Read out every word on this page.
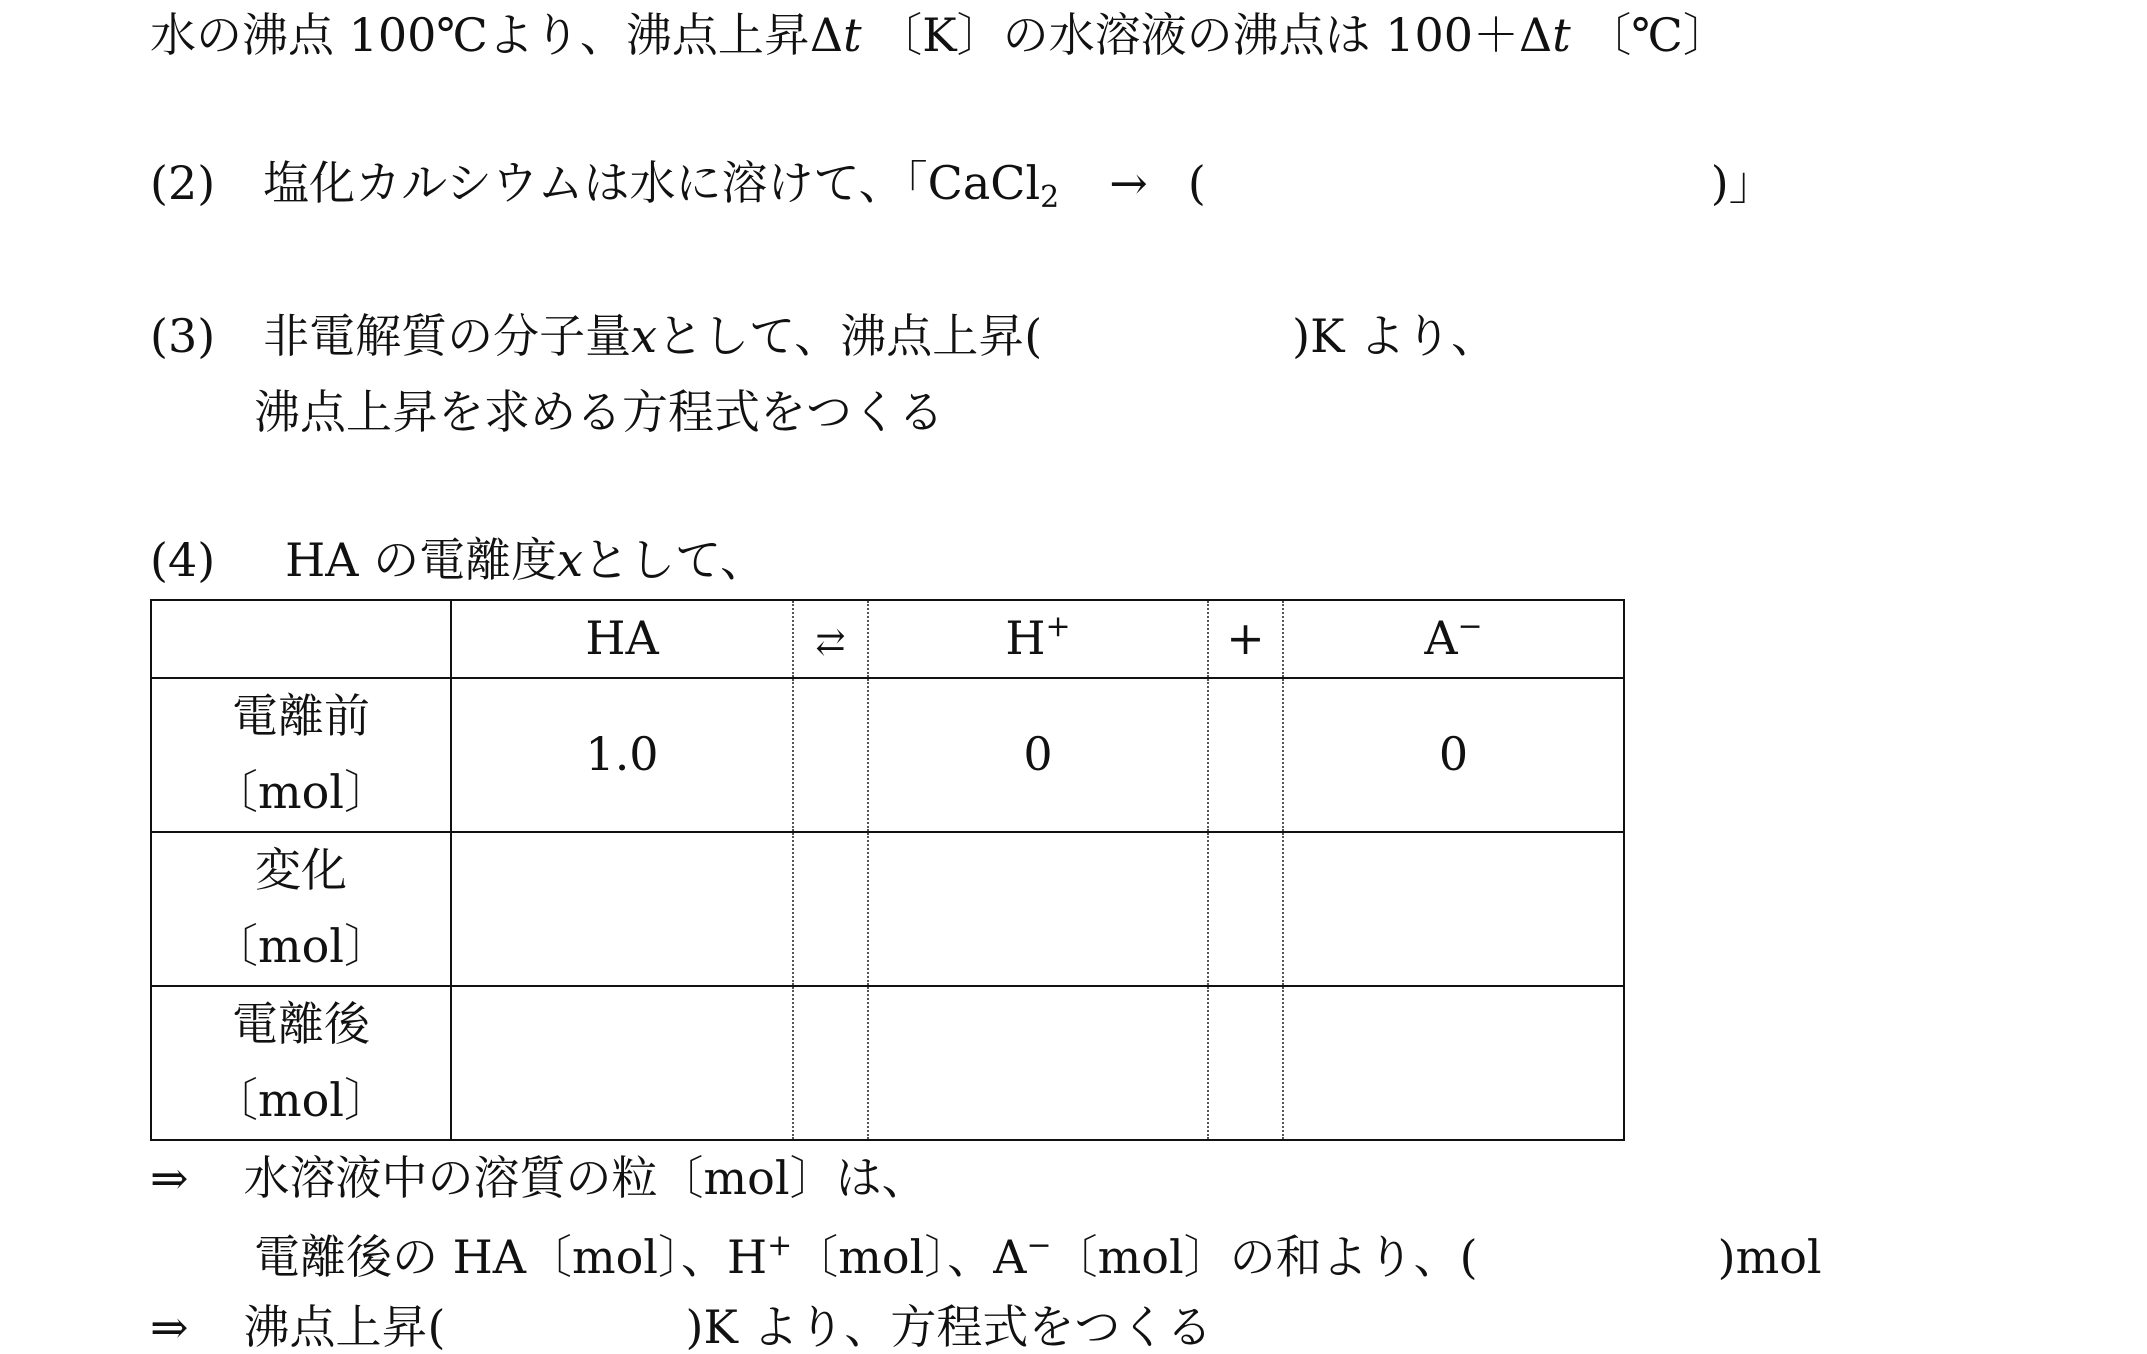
水の沸点 100℃より、沸点上昇Δt 〔K〕の水溶液の沸点は 100＋Δt 〔℃〕
(2) 塩化カルシウムは水に溶けて、「CaCl$_2$ → (	)」
(3) 非電解質の分子量xとして、沸点上昇(	)K より、
沸点上昇を求める方程式をつくる
(4) HA の電離度xとして、
	HA	⇄	H+	+	A−
電離前
〔mol〕	1.0		0		0
変化
〔mol〕					
電離後
〔mol〕					
⇒ 水溶液中の溶質の粒〔mol〕は、
電離後の HA〔mol〕、H+〔mol〕、A−〔mol〕の和より、(	)mol
⇒ 沸点上昇(	)K より、方程式をつくる
